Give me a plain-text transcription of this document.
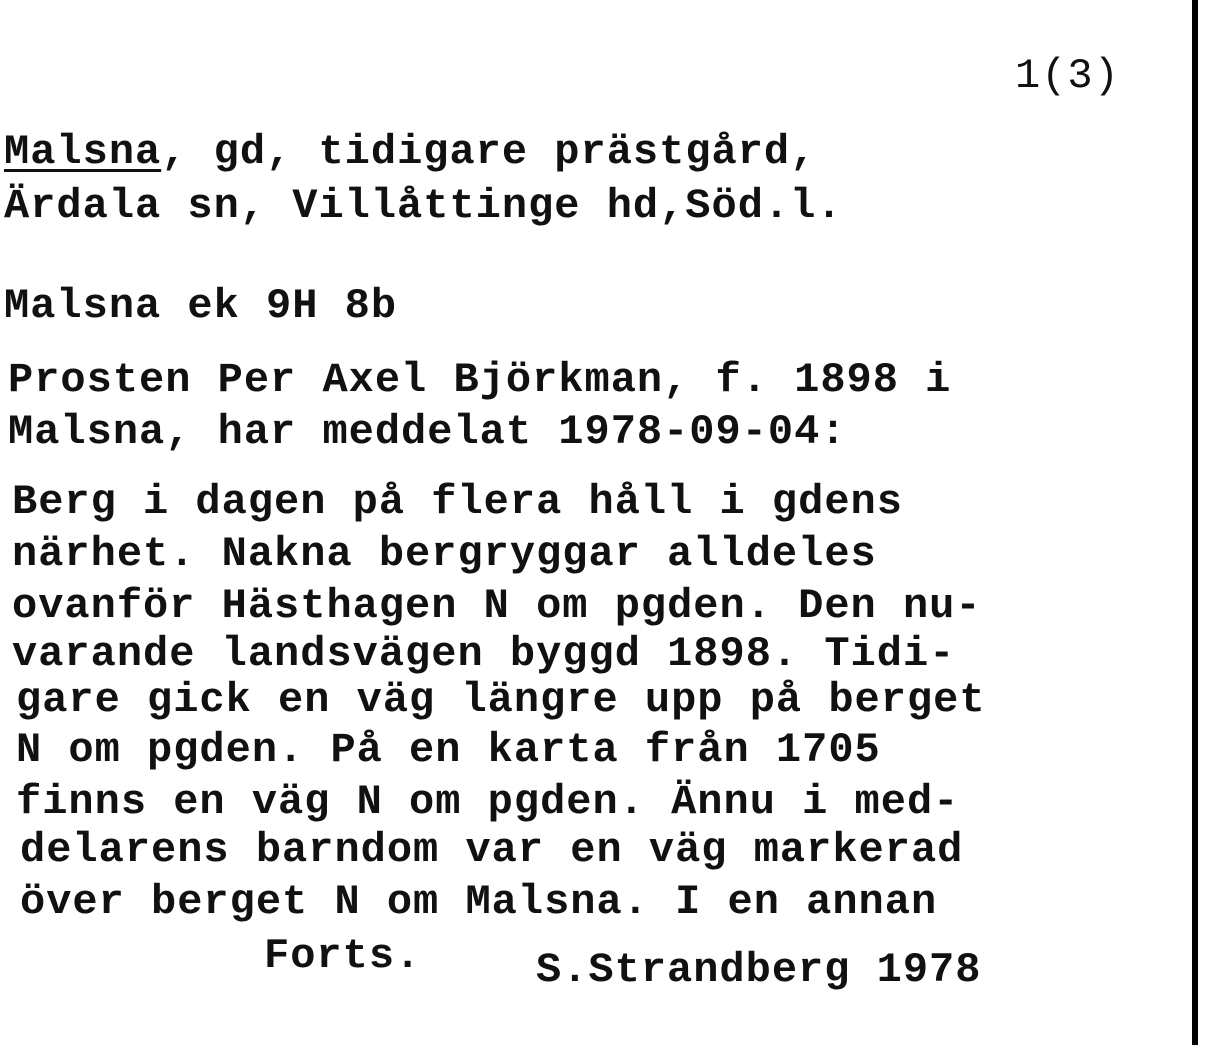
1(3)
Malsna, gd, tidigare prästgård,
Ärdala sn, Villåttinge hd,Söd.l.
Malsna ek 9H 8b
Prosten Per Axel Björkman, f. 1898 i
Malsna, har meddelat 1978-09-04:
Berg i dagen på flera håll i gdens
närhet. Nakna bergryggar alldeles
ovanför Hästhagen N om pgden. Den nu-
varande landsvägen byggd 1898. Tidi-
gare gick en väg längre upp på berget
N om pgden. På en karta från 1705
finns en väg N om pgden. Ännu i med-
delarens barndom var en väg markerad
över berget N om Malsna. I en annan
Forts.	S.Strandberg 1978
